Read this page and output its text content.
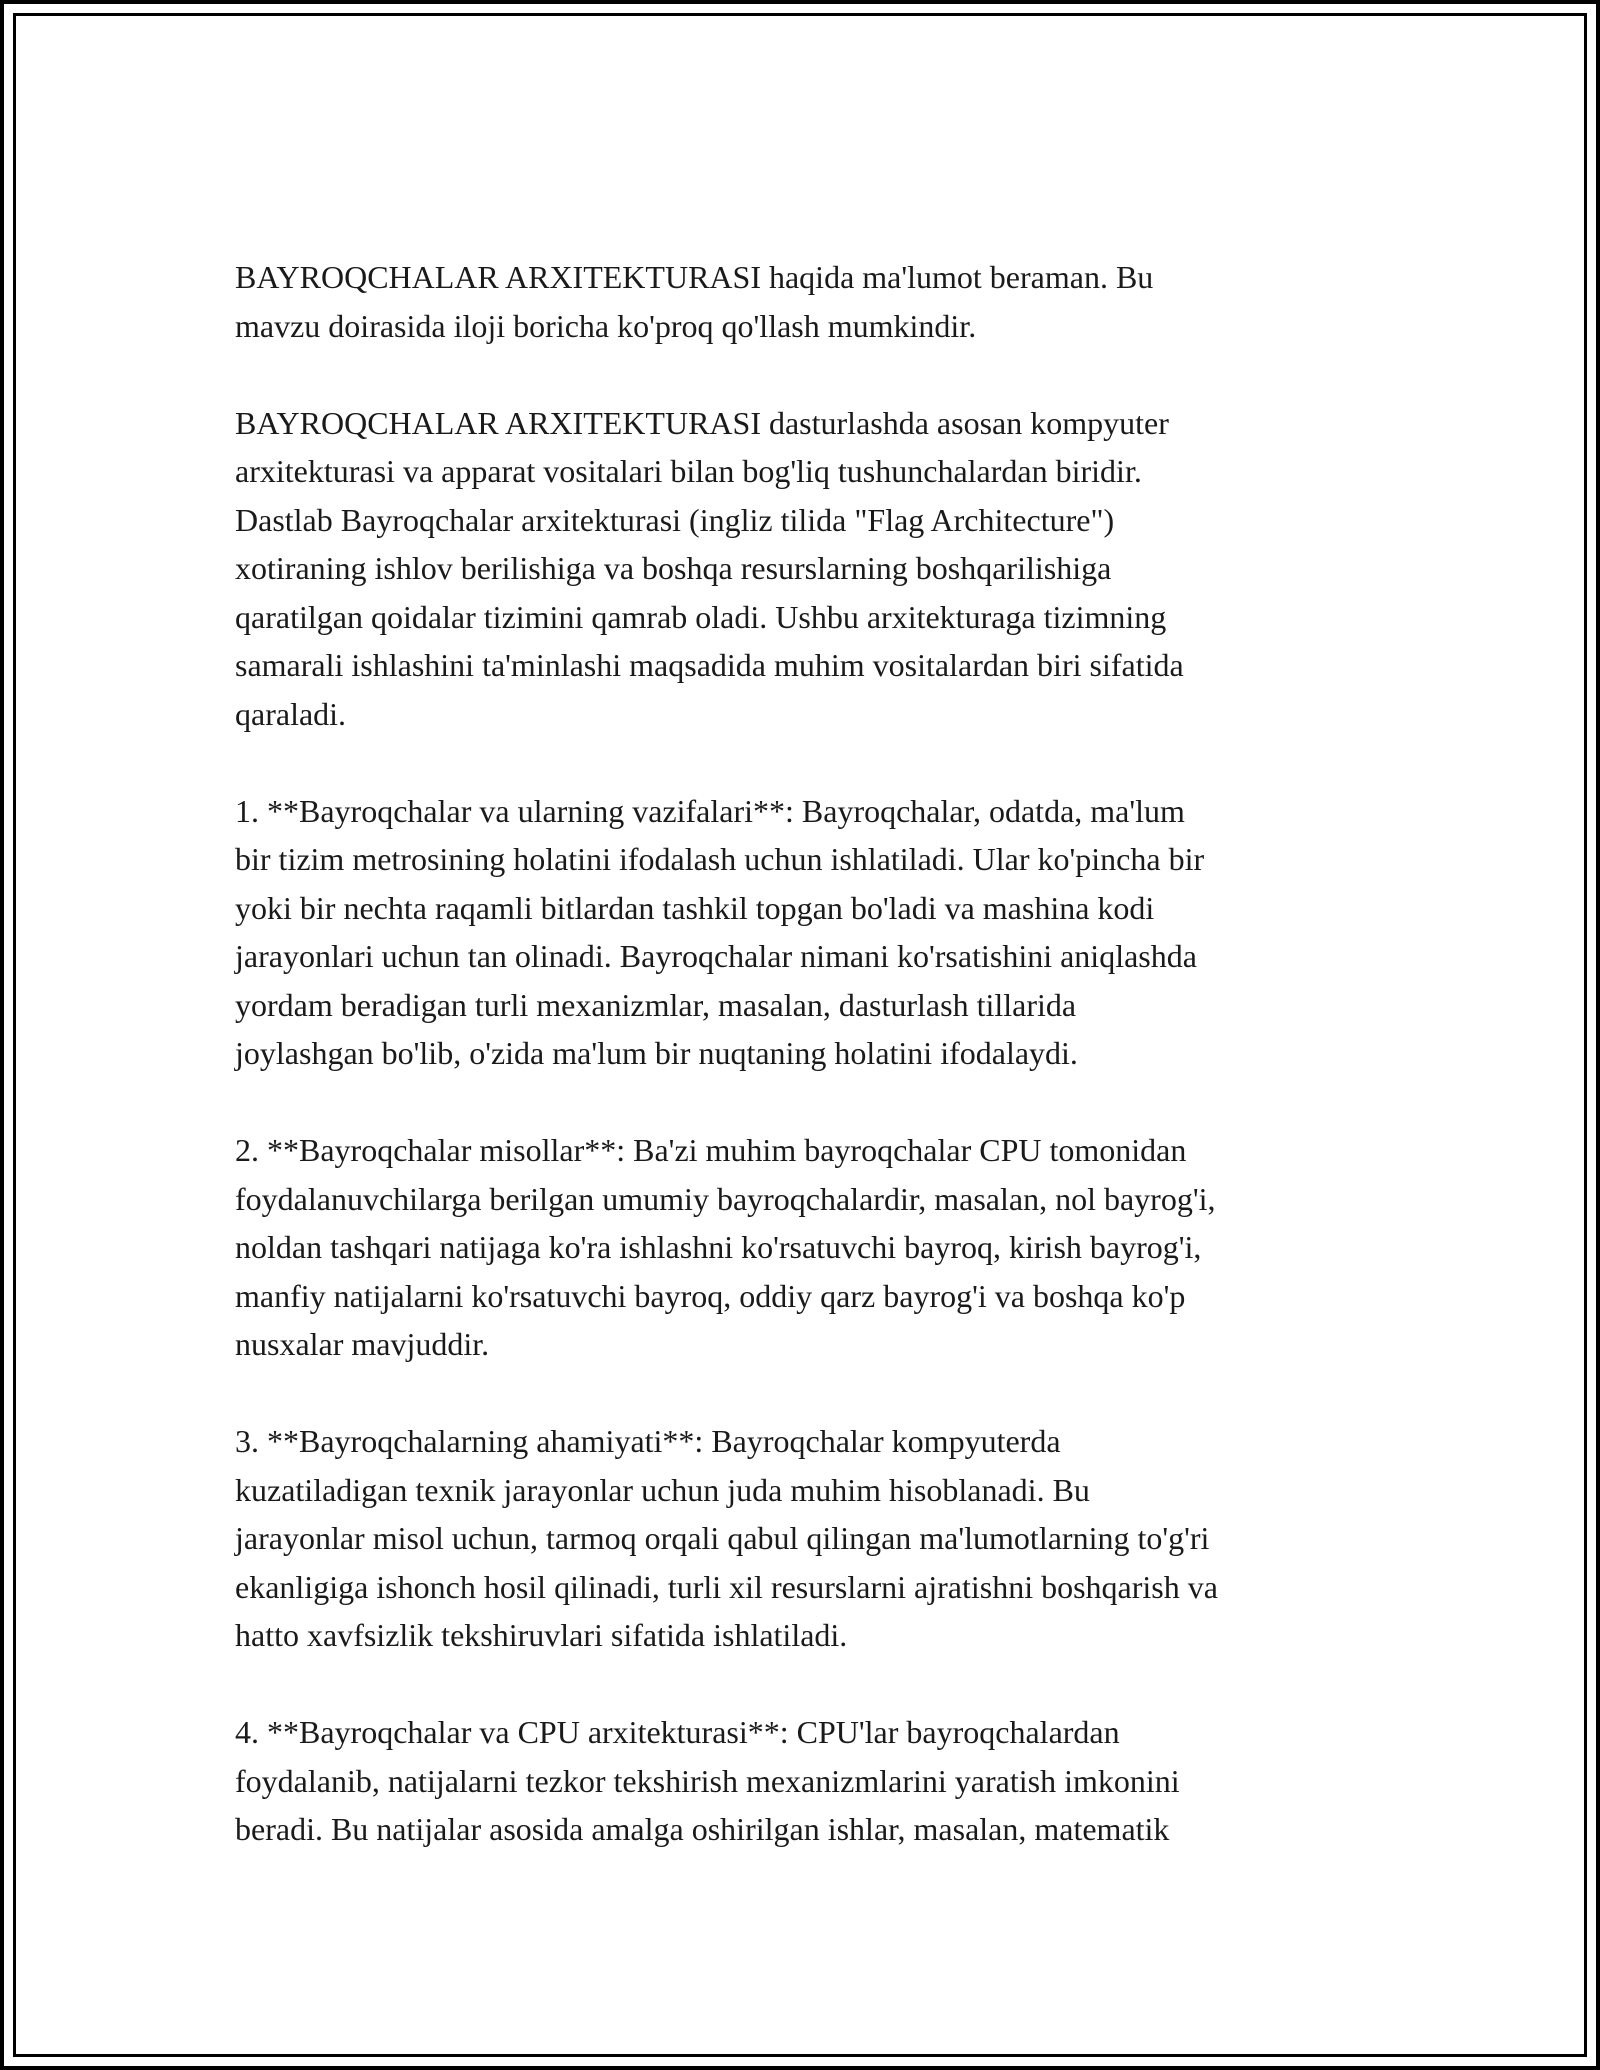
BAYROQCHALAR ARXITEKTURASI haqida ma'lumot beraman. Bu
mavzu doirasida iloji boricha ko'proq qo'llash mumkindir.

BAYROQCHALAR ARXITEKTURASI dasturlashda asosan kompyuter
arxitekturasi va apparat vositalari bilan bog'liq tushunchalardan biridir.
Dastlab Bayroqchalar arxitekturasi (ingliz tilida "Flag Architecture")
xotiraning ishlov berilishiga va boshqa resurslarning boshqarilishiga
qaratilgan qoidalar tizimini qamrab oladi. Ushbu arxitekturaga tizimning
samarali ishlashini ta'minlashi maqsadida muhim vositalardan biri sifatida
qaraladi.

1. **Bayroqchalar va ularning vazifalari**: Bayroqchalar, odatda, ma'lum
bir tizim metrosining holatini ifodalash uchun ishlatiladi. Ular ko'pincha bir
yoki bir nechta raqamli bitlardan tashkil topgan bo'ladi va mashina kodi
jarayonlari uchun tan olinadi. Bayroqchalar nimani ko'rsatishini aniqlashda
yordam beradigan turli mexanizmlar, masalan, dasturlash tillarida
joylashgan bo'lib, o'zida ma'lum bir nuqtaning holatini ifodalaydi.

2. **Bayroqchalar misollar**: Ba'zi muhim bayroqchalar CPU tomonidan
foydalanuvchilarga berilgan umumiy bayroqchalardir, masalan, nol bayrog'i,
noldan tashqari natijaga ko'ra ishlashni ko'rsatuvchi bayroq, kirish bayrog'i,
manfiy natijalarni ko'rsatuvchi bayroq, oddiy qarz bayrog'i va boshqa ko'p
nusxalar mavjuddir.

3. **Bayroqchalarning ahamiyati**: Bayroqchalar kompyuterda
kuzatiladigan texnik jarayonlar uchun juda muhim hisoblanadi. Bu
jarayonlar misol uchun, tarmoq orqali qabul qilingan ma'lumotlarning to'g'ri
ekanligiga ishonch hosil qilinadi, turli xil resurslarni ajratishni boshqarish va
hatto xavfsizlik tekshiruvlari sifatida ishlatiladi.

4. **Bayroqchalar va CPU arxitekturasi**: CPU'lar bayroqchalardan
foydalanib, natijalarni tezkor tekshirish mexanizmlarini yaratish imkonini
beradi. Bu natijalar asosida amalga oshirilgan ishlar, masalan, matematik
